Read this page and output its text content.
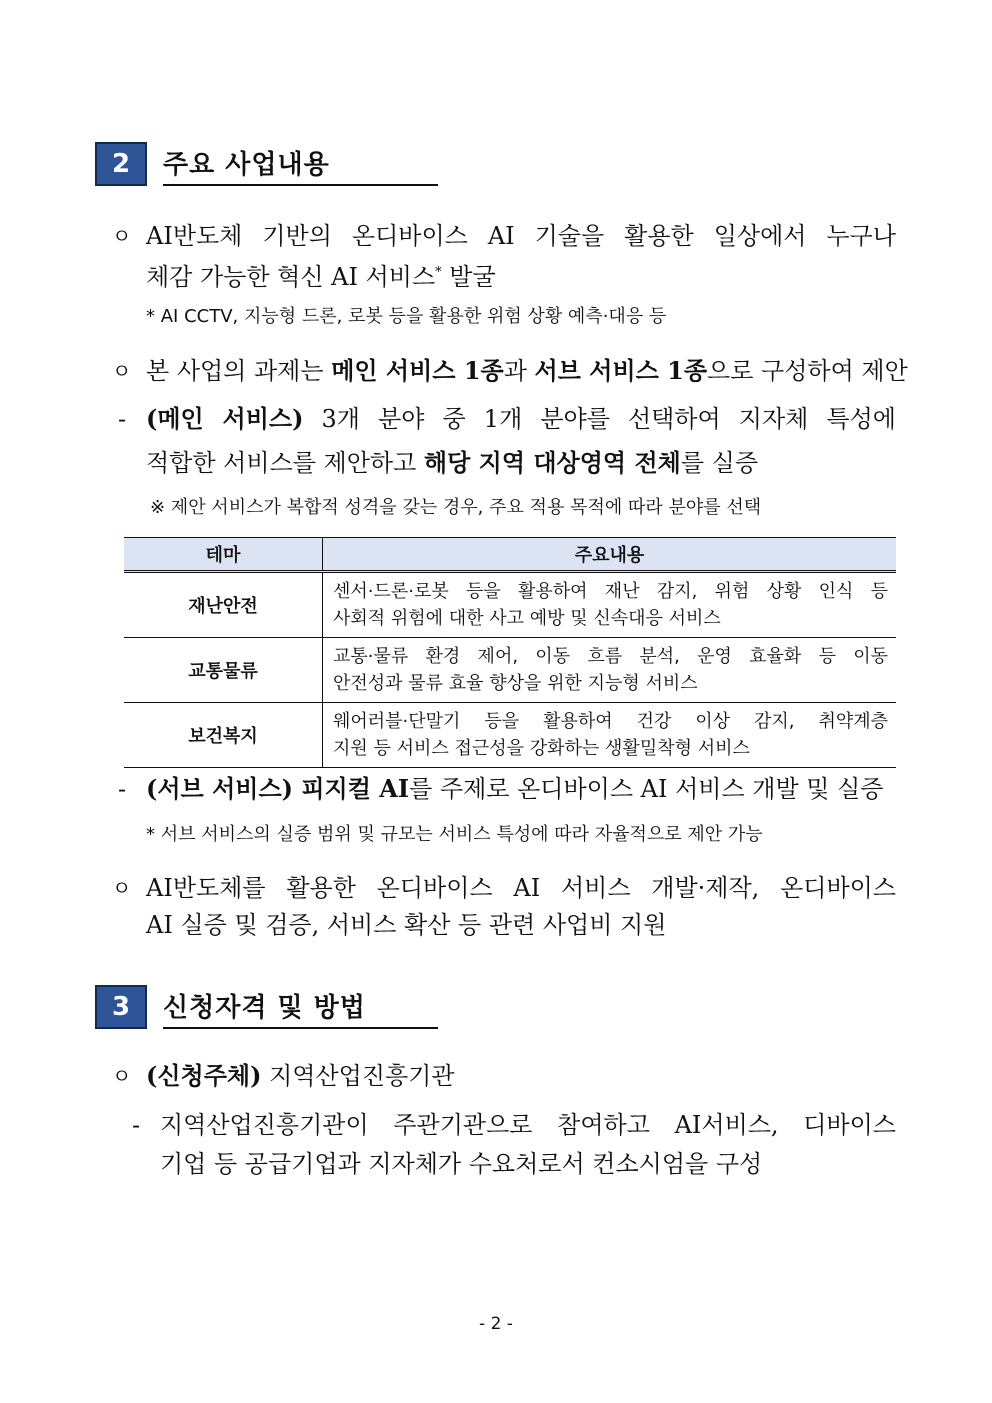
2	주요 사업내용
ㅇ AI반도체 기반의 온디바이스 AI 기술을 활용한 일상에서 누구나
체감 가능한 혁신 AI 서비스* 발굴
* AI CCTV, 지능형 드론, 로봇 등을 활용한 위험 상황 예측·대응 등
ㅇ 본 사업의 과제는 메인 서비스 1종과 서브 서비스 1종으로 구성하여 제안
- (메인 서비스) 3개 분야 중 1개 분야를 선택하여 지자체 특성에
적합한 서비스를 제안하고 해당 지역 대상영역 전체를 실증
※ 제안 서비스가 복합적 성격을 갖는 경우, 주요 적용 목적에 따라 분야를 선택
테마	주요내용
재난안전	센서·드론·로봇 등을 활용하여 재난 감지, 위험 상황 인식 등
사회적 위험에 대한 사고 예방 및 신속대응 서비스

교통물류	교통·물류 환경 제어, 이동 흐름 분석, 운영 효율화 등 이동
안전성과 물류 효율 향상을 위한 지능형 서비스

보건복지	웨어러블·단말기 등을 활용하여 건강 이상 감지, 취약계층
지원 등 서비스 접근성을 강화하는 생활밀착형 서비스
- (서브 서비스) 피지컬 AI를 주제로 온디바이스 AI 서비스 개발 및 실증
* 서브 서비스의 실증 범위 및 규모는 서비스 특성에 따라 자율적으로 제안 가능
ㅇ AI반도체를 활용한 온디바이스 AI 서비스 개발·제작, 온디바이스
AI 실증 및 검증, 서비스 확산 등 관련 사업비 지원
3	신청자격 및 방법
ㅇ (신청주체) 지역산업진흥기관
- 지역산업진흥기관이 주관기관으로 참여하고 AI서비스, 디바이스
기업 등 공급기업과 지자체가 수요처로서 컨소시엄을 구성
- 2 -
